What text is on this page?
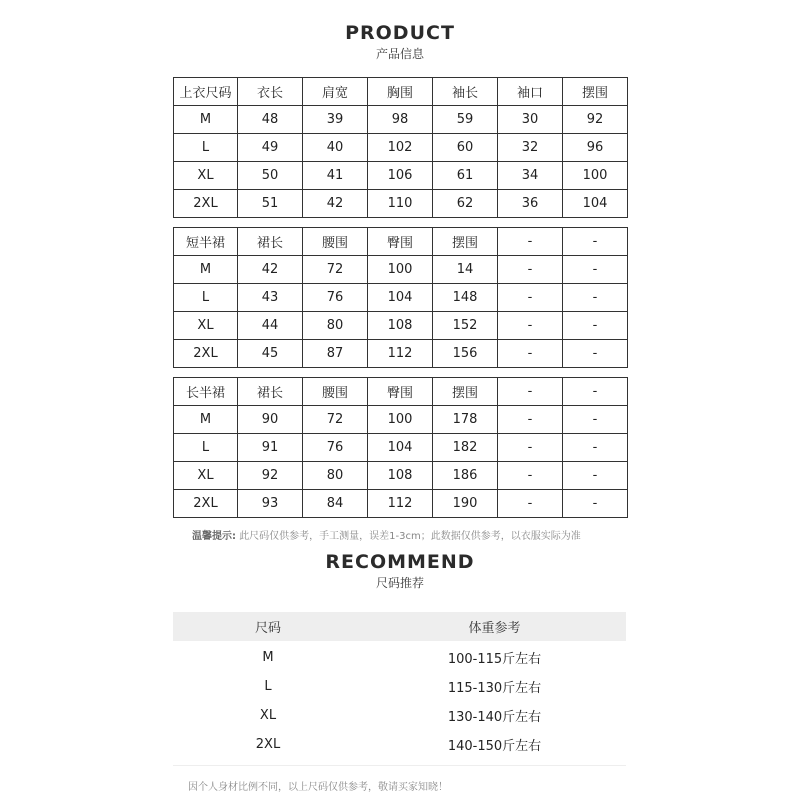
PRODUCT
产品信息
上衣尺码	衣长	肩宽	胸围	袖长	袖口	摆围
M	48	39	98	59	30	92
L	49	40	102	60	32	96
XL	50	41	106	61	34	100
2XL	51	42	110	62	36	104
短半裙	裙长	腰围	臀围	摆围	-	-
M	42	72	100	14	-	-
L	43	76	104	148	-	-
XL	44	80	108	152	-	-
2XL	45	87	112	156	-	-
长半裙	裙长	腰围	臀围	摆围	-	-
M	90	72	100	178	-	-
L	91	76	104	182	-	-
XL	92	80	108	186	-	-
2XL	93	84	112	190	-	-
温馨提示: 此尺码仅供参考，手工测量，误差1-3cm；此数据仅供参考，以衣服实际为准
RECOMMEND
尺码推荐
尺码	体重参考
M	100-115斤左右
L	115-130斤左右
XL	130-140斤左右
2XL	140-150斤左右
因个人身材比例不同，以上尺码仅供参考，敬请买家知晓！
